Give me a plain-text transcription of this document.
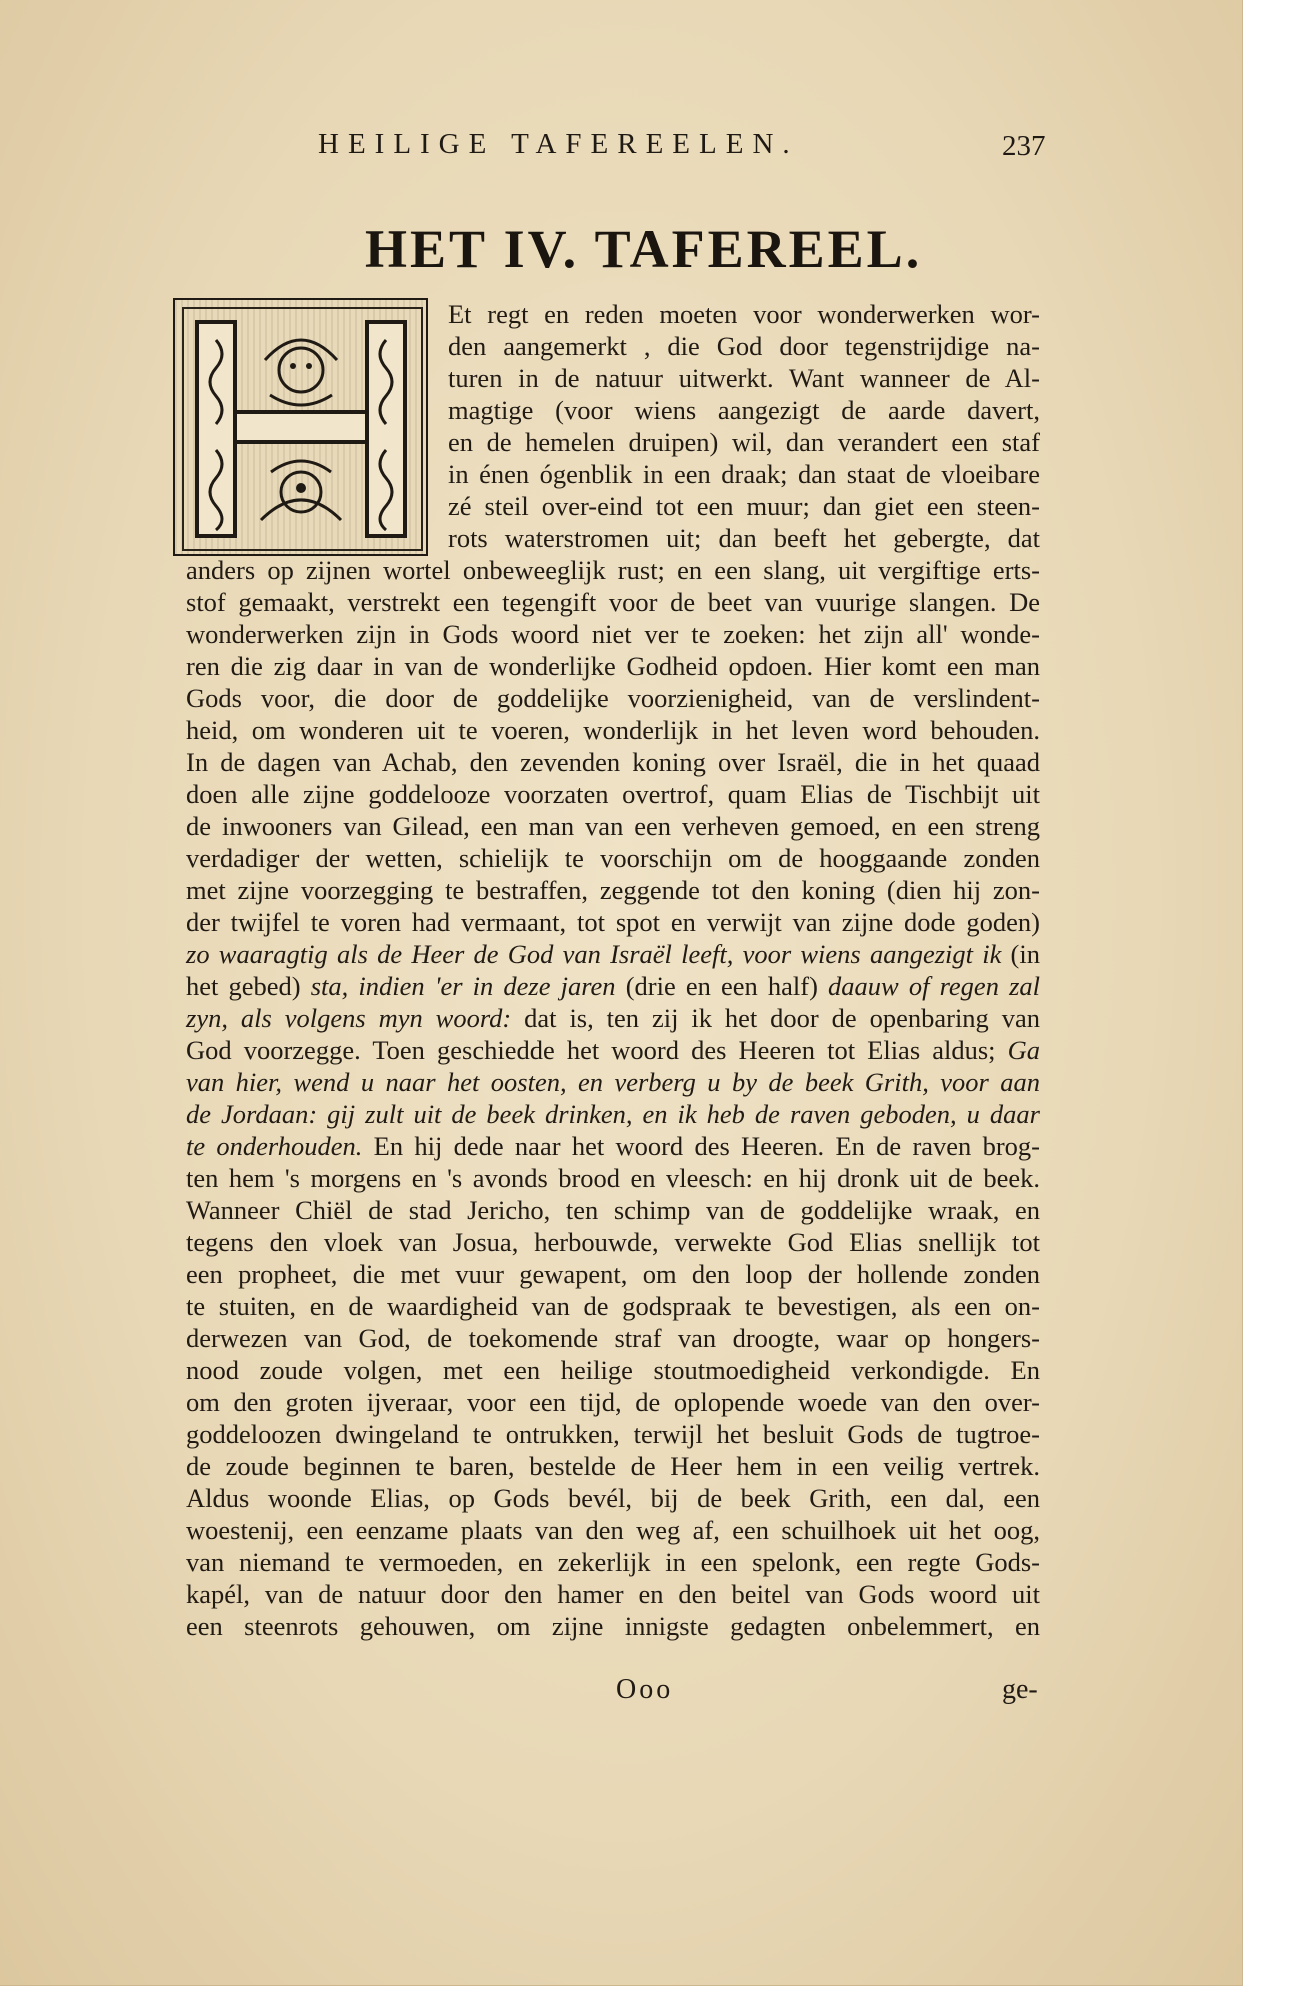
HEILIGE TAFEREELEN.	237
HET IV. TAFEREEL.
Et regt en reden moeten voor wonderwerken wor-
den aangemerkt , die God door tegenstrijdige na-
turen in de natuur uitwerkt. Want wanneer de Al-
magtige (voor wiens aangezigt de aarde davert,
en de hemelen druipen) wil, dan verandert een staf
in énen ógenblik in een draak; dan staat de vloeibare
zé steil over-eind tot een muur; dan giet een steen-
rots waterstromen uit; dan beeft het gebergte, dat
anders op zijnen wortel onbeweeglijk rust; en een slang, uit vergiftige erts-
stof gemaakt, verstrekt een tegengift voor de beet van vuurige slangen. De
wonderwerken zijn in Gods woord niet ver te zoeken: het zijn all' wonde-
ren die zig daar in van de wonderlijke Godheid opdoen. Hier komt een man
Gods voor, die door de goddelijke voorzienigheid, van de verslindent-
heid, om wonderen uit te voeren, wonderlijk in het leven word behouden.
In de dagen van Achab, den zevenden koning over Israël, die in het quaad
doen alle zijne goddelooze voorzaten overtrof, quam Elias de Tischbijt uit
de inwooners van Gilead, een man van een verheven gemoed, en een streng
verdadiger der wetten, schielijk te voorschijn om de hooggaande zonden
met zijne voorzegging te bestraffen, zeggende tot den koning (dien hij zon-
der twijfel te voren had vermaant, tot spot en verwijt van zijne dode goden)
zo waaragtig als de Heer de God van Israël leeft, voor wiens aangezigt ik (in
het gebed) sta, indien 'er in deze jaren (drie en een half) daauw of regen zal
zyn, als volgens myn woord: dat is, ten zij ik het door de openbaring van
God voorzegge. Toen geschiedde het woord des Heeren tot Elias aldus; Ga
van hier, wend u naar het oosten, en verberg u by de beek Grith, voor aan
de Jordaan: gij zult uit de beek drinken, en ik heb de raven geboden, u daar
te onderhouden. En hij dede naar het woord des Heeren. En de raven brog-
ten hem 's morgens en 's avonds brood en vleesch: en hij dronk uit de beek.
Wanneer Chiël de stad Jericho, ten schimp van de goddelijke wraak, en
tegens den vloek van Josua, herbouwde, verwekte God Elias snellijk tot
een propheet, die met vuur gewapent, om den loop der hollende zonden
te stuiten, en de waardigheid van de godspraak te bevestigen, als een on-
derwezen van God, de toekomende straf van droogte, waar op hongers-
nood zoude volgen, met een heilige stoutmoedigheid verkondigde. En
om den groten ijveraar, voor een tijd, de oplopende woede van den over-
goddeloozen dwingeland te ontrukken, terwijl het besluit Gods de tugtroe-
de zoude beginnen te baren, bestelde de Heer hem in een veilig vertrek.
Aldus woonde Elias, op Gods bevél, bij de beek Grith, een dal, een
woestenij, een eenzame plaats van den weg af, een schuilhoek uit het oog,
van niemand te vermoeden, en zekerlijk in een spelonk, een regte Gods-
kapél, van de natuur door den hamer en den beitel van Gods woord uit
een steenrots gehouwen, om zijne innigste gedagten onbelemmert, en
Ooo	ge-
